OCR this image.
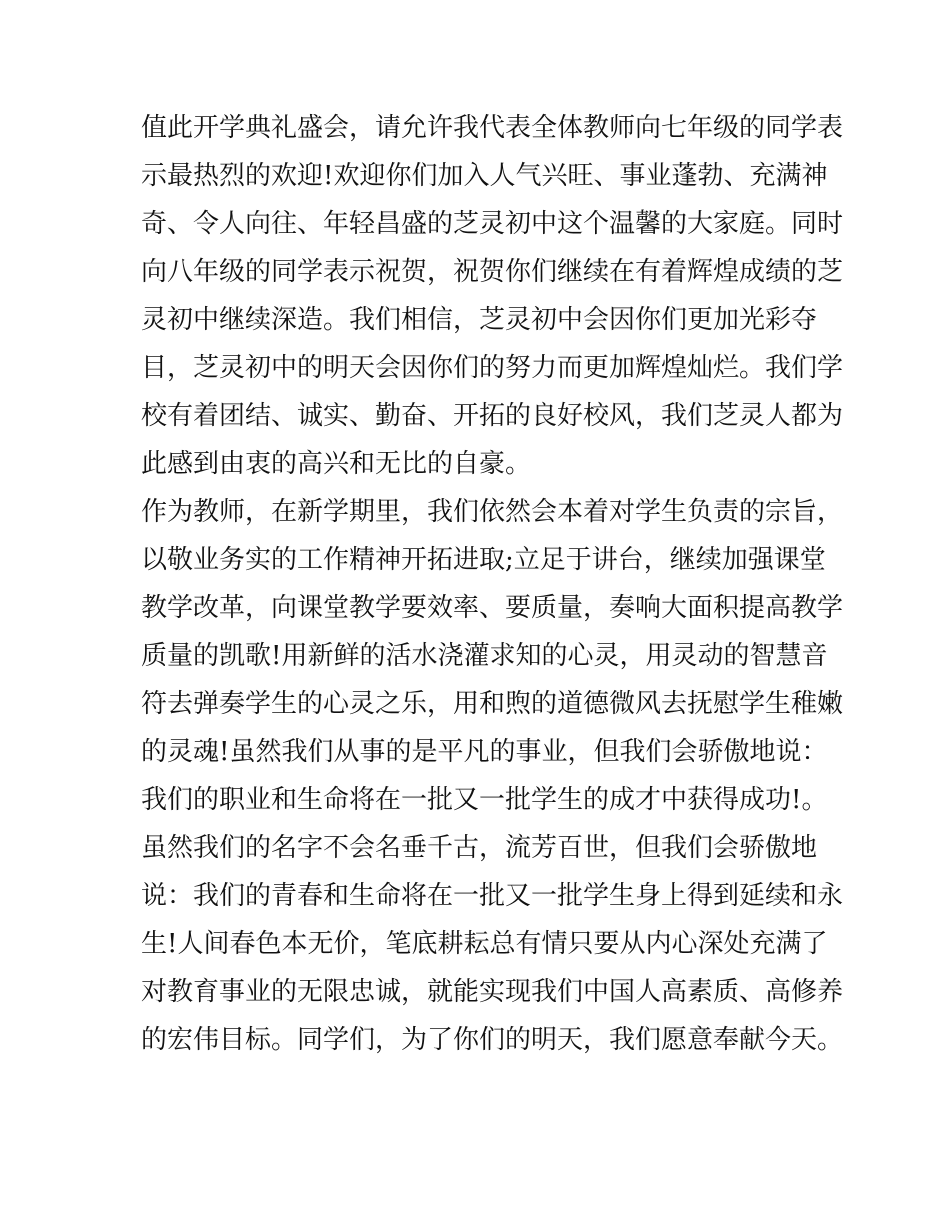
值此开学典礼盛会，请允许我代表全体教师向七年级的同学表
示最热烈的欢迎!欢迎你们加入人气兴旺、事业蓬勃、充满神
奇、令人向往、年轻昌盛的芝灵初中这个温馨的大家庭。同时
向八年级的同学表示祝贺，祝贺你们继续在有着辉煌成绩的芝
灵初中继续深造。我们相信，芝灵初中会因你们更加光彩夺
目，芝灵初中的明天会因你们的努力而更加辉煌灿烂。我们学
校有着团结、诚实、勤奋、开拓的良好校风，我们芝灵人都为
此感到由衷的高兴和无比的自豪。
作为教师，在新学期里，我们依然会本着对学生负责的宗旨，
以敬业务实的工作精神开拓进取;立足于讲台，继续加强课堂
教学改革，向课堂教学要效率、要质量，奏响大面积提高教学
质量的凯歌!用新鲜的活水浇灌求知的心灵，用灵动的智慧音
符去弹奏学生的心灵之乐，用和煦的道德微风去抚慰学生稚嫩
的灵魂!虽然我们从事的是平凡的事业，但我们会骄傲地说：
我们的职业和生命将在一批又一批学生的成才中获得成功!。
虽然我们的名字不会名垂千古，流芳百世，但我们会骄傲地
说：我们的青春和生命将在一批又一批学生身上得到延续和永
生!人间春色本无价，笔底耕耘总有情只要从内心深处充满了
对教育事业的无限忠诚，就能实现我们中国人高素质、高修养
的宏伟目标。同学们，为了你们的明天，我们愿意奉献今天。
